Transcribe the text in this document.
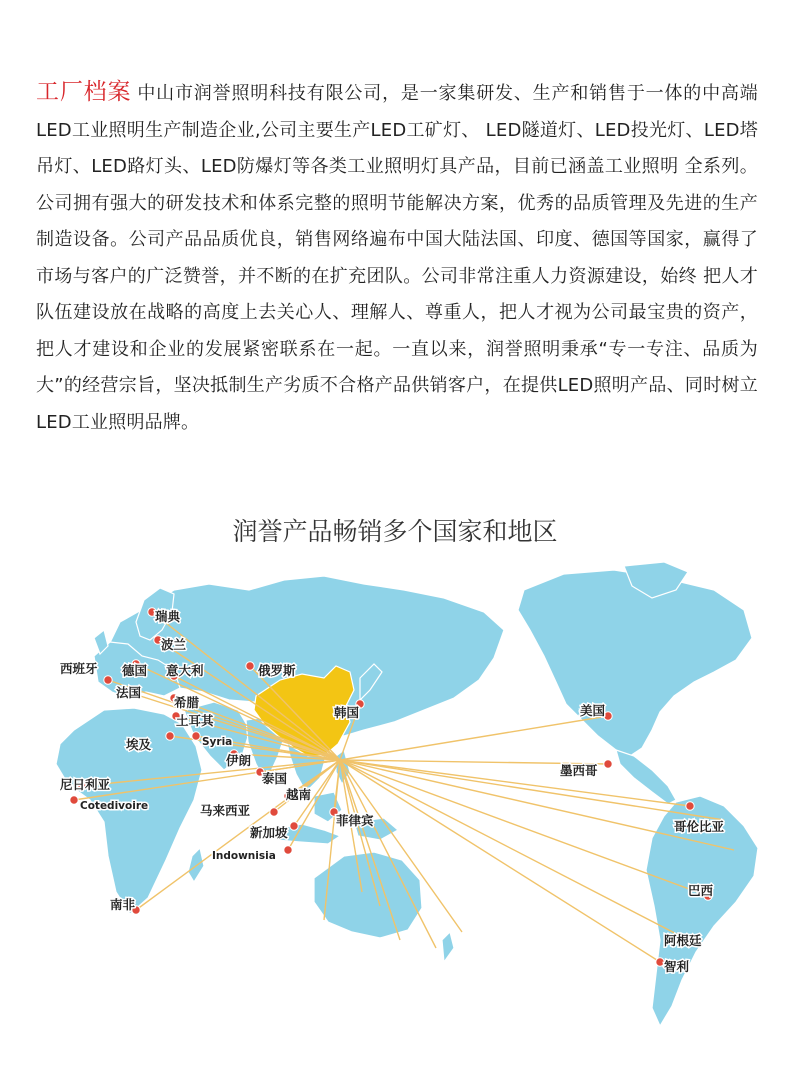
工厂档案 中山市润誉照明科技有限公司，是一家集研发、生产和销售于一体的中高端LED工业照明生产制造企业,公司主要生产LED工矿灯、 LED隧道灯、LED投光灯、LED塔吊灯、LED路灯头、LED防爆灯等各类工业照明灯具产品，目前已涵盖工业照明 全系列。公司拥有强大的研发技术和体系完整的照明节能解决方案，优秀的品质管理及先进的生产制造设备。公司产品品质优良，销售网络遍布中国大陆法国、印度、德国等国家，赢得了市场与客户的广泛赞誉，并不断的在扩充团队。公司非常注重人力资源建设，始终 把人才队伍建设放在战略的高度上去关心人、理解人、尊重人，把人才视为公司最宝贵的资产，把人才建设和企业的发展紧密联系在一起。一直以来，润誉照明秉承“专一专注、品质为大”的经营宗旨，坚决抵制生产劣质不合格产品供销客户，在提供LED照明产品、同时树立LED工业照明品牌。

润誉产品畅销多个国家和地区
瑞典
波兰
西班牙 德国 意大利
法国
希腊
土耳其
俄罗斯
韩国
埃及	Syria
伊朗
泰国
尼日利亚
Cotedivoire	马来西亚
越南
新加坡
菲律宾
Indownisia
南非
美国
墨西哥
哥伦比亚
巴西
阿根廷
智利
